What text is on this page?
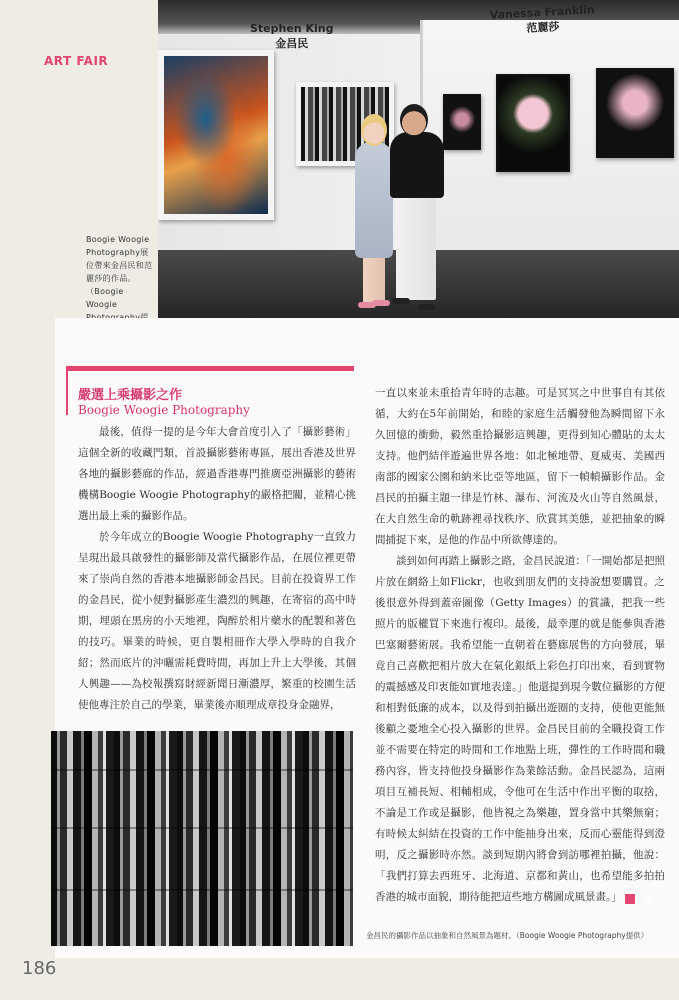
ART FAIR
Stephen King
金昌民
Vanessa Franklin
范麗莎
Boogie Woogie Photography展位帶來金昌民和范麗莎的作品。（Boogie Woogie
嚴選上乘攝影之作
Boogie Woogie Photography

最後，值得一提的是今年大會首度引入了「攝影藝術」這個全新的收藏門類，首設攝影藝術專區，展出香港及世界各地的攝影藝廊的作品，經過香港專門推廣亞洲攝影的藝術機構Boogie Woogie Photography的嚴格把關，並精心挑選出最上乘的攝影作品。

於今年成立的Boogie Woogie Photography一直致力呈現出最具啟發性的攝影師及當代攝影作品，在展位裡更帶來了崇尚自然的香港本地攝影師金昌民。目前在投資界工作的金昌民，從小便對攝影產生濃烈的興趣，在寄宿的高中時期，埋頭在黑房的小天地裡，陶醉於相片藥水的配製和著色的技巧。畢業的時候，更自製相冊作大學入學時的自我介紹；然而底片的沖曬需耗費時間，再加上升上大學後，其個人興趣——為校報撰寫財經新聞日漸濃厚，繁重的校園生活使他專注於自己的學業，畢業後亦順理成章投身金融界，

一直以來並未重拾青年時的志趣。可是冥冥之中世事自有其依循，大約在5年前開始，和睦的家庭生活觸發他為瞬間留下永久回憶的衝動，毅然重拾攝影這興趣，更得到知心體貼的太太支持。他們結伴遊遍世界各地：如北極地帶、夏威夷、美國西南部的國家公園和納米比亞等地區，留下一幀幀攝影作品。金昌民的拍攝主題一律是竹林、瀑布、河流及火山等自然風景，在大自然生命的軌跡裡尋找秩序、欣賞其美態，並把抽象的瞬間捕捉下來，是他的作品中所欲傳達的。

談到如何再踏上攝影之路，金昌民說道：「一開始都是把照片放在網絡上如Flickr，也收到朋友們的支持說想要購買。之後很意外得到蓋帝圖像（Getty Images）的賞識，把我一些照片的版權買下來進行複印。最後，最幸運的就是能參與香港巴塞爾藝術展。我希望能一直朝着在藝廊展售的方向發展，畢竟自己喜歡把相片放大在氣化銀紙上彩色打印出來，看到實物的震撼感及印衷能如實地表達。」他還提到現今數位攝影的方便和相對低廉的成本，以及得到拍攝出遊圈的支持，使他更能無後顧之憂地全心投入攝影的世界。金昌民目前的全職投資工作並不需要在特定的時間和工作地點上班，彈性的工作時間和職務內容，皆支持他投身攝影作為業餘活動。金昌民認為，這兩項目互補長短、相輔相成，令他可在生活中作出平衡的取捨，不論是工作或是攝影，他皆視之為樂趣，置身當中其樂無窮；有時候太糾結在投資的工作中能抽身出來，反而心靈能得到澄明，反之攝影時亦然。談到短期內將會到訪哪裡拍攝，他說：「我們打算去西班牙、北海道、京都和黃山，也希望能多拍拍香港的城市面貌，期待能把這些地方構圖成風景畫。」	A

金昌民的攝影作品以抽象和自然風景為題材。（Boogie Woogie Photography提供）
186
